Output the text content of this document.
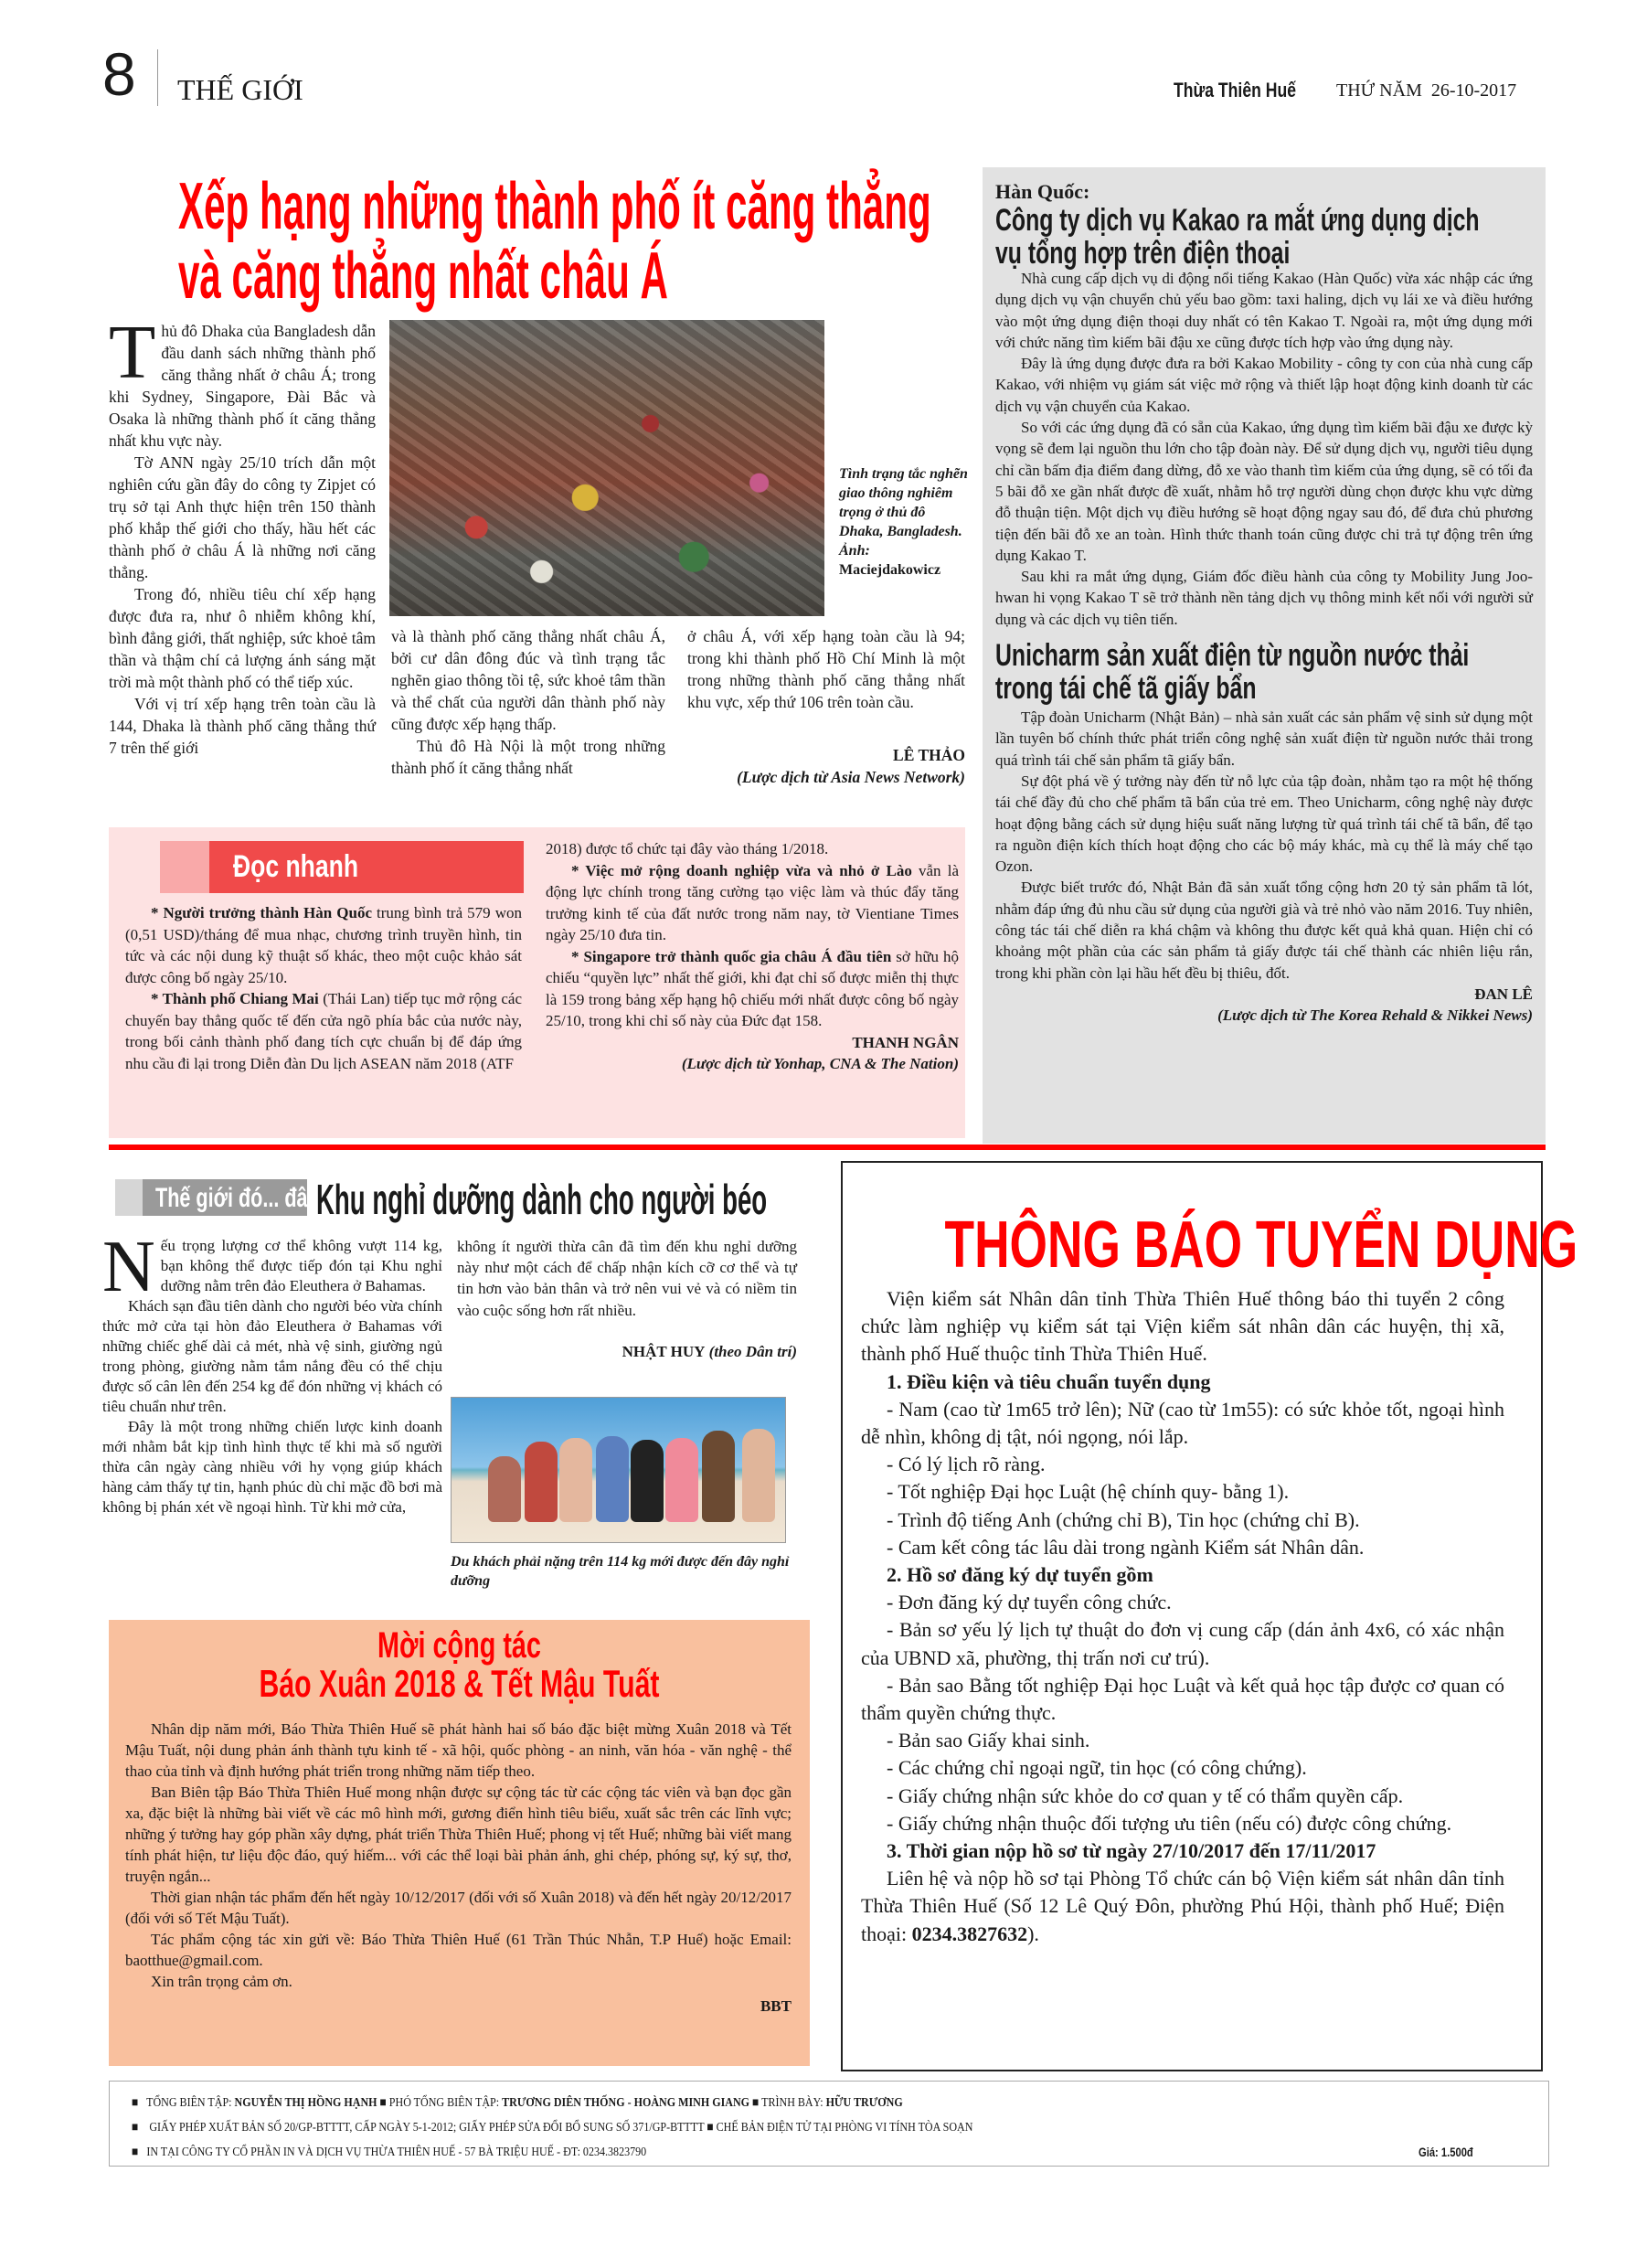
8 THẾ GIỚI	Thừa Thiên Huế THỨ NĂM  26-10-2017
Xếp hạng những thành phố ít căng thẳng
và căng thẳng nhất châu Á

Thủ đô Dhaka của Bangladesh dẫn đầu danh sách những thành phố căng thẳng nhất ở châu Á; trong khi Sydney, Singapore, Đài Bắc và Osaka là những thành phố ít căng thẳng nhất khu vực này.

Tờ ANN ngày 25/10 trích dẫn một nghiên cứu gần đây do công ty Zipjet có trụ sở tại Anh thực hiện trên 150 thành phố khắp thế giới cho thấy, hầu hết các thành phố ở châu Á là những nơi căng thẳng.

Trong đó, nhiều tiêu chí xếp hạng được đưa ra, như ô nhiễm không khí, bình đẳng giới, thất nghiệp, sức khoẻ tâm thần và thậm chí cả lượng ánh sáng mặt trời mà một thành phố có thể tiếp xúc.

Với vị trí xếp hạng trên toàn cầu là 144, Dhaka là thành phố căng thẳng thứ 7 trên thế giới

Tình trạng tắc nghẽn giao thông nghiêm trọng ở thủ đô Dhaka, Bangladesh. Ảnh: Maciejdakowicz

và là thành phố căng thẳng nhất châu Á, bởi cư dân đông đúc và tình trạng tắc nghẽn giao thông tồi tệ, sức khoẻ tâm thần và thể chất của người dân thành phố này cũng được xếp hạng thấp.

Thủ đô Hà Nội là một trong những thành phố ít căng thẳng nhất

ở châu Á, với xếp hạng toàn cầu là 94; trong khi thành phố Hồ Chí Minh là một trong những thành phố căng thẳng nhất khu vực, xếp thứ 106 trên toàn cầu.

LÊ THẢO

(Lược dịch từ Asia News Network)

Hàn Quốc:
Công ty dịch vụ Kakao ra mắt ứng dụng dịch
vụ tổng hợp trên điện thoại

Nhà cung cấp dịch vụ di động nổi tiếng Kakao (Hàn Quốc) vừa xác nhập các ứng dụng dịch vụ vận chuyển chủ yếu bao gồm: taxi haling, dịch vụ lái xe và điều hướng vào một ứng dụng điện thoại duy nhất có tên Kakao T. Ngoài ra, một ứng dụng mới với chức năng tìm kiếm bãi đậu xe cũng được tích hợp vào ứng dụng này.

Đây là ứng dụng được đưa ra bởi Kakao Mobility - công ty con của nhà cung cấp Kakao, với nhiệm vụ giám sát việc mở rộng và thiết lập hoạt động kinh doanh từ các dịch vụ vận chuyển của Kakao.

So với các ứng dụng đã có sẵn của Kakao, ứng dụng tìm kiếm bãi đậu xe được kỳ vọng sẽ đem lại nguồn thu lớn cho tập đoàn này. Để sử dụng dịch vụ, người tiêu dụng chỉ cần bấm địa điểm đang dừng, đỗ xe vào thanh tìm kiếm của ứng dụng, sẽ có tối đa 5 bãi đỗ xe gần nhất được đề xuất, nhằm hỗ trợ người dùng chọn được khu vực dừng đỗ thuận tiện. Một dịch vụ điều hướng sẽ hoạt động ngay sau đó, để đưa chủ phương tiện đến bãi đỗ xe an toàn. Hình thức thanh toán cũng được chi trả tự động trên ứng dụng Kakao T.

Sau khi ra mắt ứng dụng, Giám đốc điều hành của công ty Mobility Jung Joo-hwan hi vọng Kakao T sẽ trở thành nền tảng dịch vụ thông minh kết nối với người sử dụng và các dịch vụ tiên tiến.

Unicharm sản xuất điện từ nguồn nước thải
trong tái chế tã giấy bẩn

Tập đoàn Unicharm (Nhật Bản) – nhà sản xuất các sản phẩm vệ sinh sử dụng một lần tuyên bố chính thức phát triển công nghệ sản xuất điện từ nguồn nước thải trong quá trình tái chế sản phẩm tã giấy bẩn.

Sự đột phá về ý tưởng này đến từ nỗ lực của tập đoàn, nhằm tạo ra một hệ thống tái chế đầy đủ cho chế phẩm tã bẩn của trẻ em. Theo Unicharm, công nghệ này được hoạt động bằng cách sử dụng hiệu suất năng lượng từ quá trình tái chế tã bẩn, để tạo ra nguồn điện kích thích hoạt động cho các bộ máy khác, mà cụ thể là máy chế tạo Ozon.

Được biết trước đó, Nhật Bản đã sản xuất tổng cộng hơn 20 tỷ sản phẩm tã lót, nhằm đáp ứng đủ nhu cầu sử dụng của người già và trẻ nhỏ vào năm 2016. Tuy nhiên, công tác tái chế diễn ra khá chậm và không thu được kết quả khả quan. Hiện chỉ có khoảng một phần của các sản phẩm tả giấy được tái chế thành các nhiên liệu rắn, trong khi phần còn lại hầu hết đều bị thiêu, đốt.

ĐAN LÊ

(Lược dịch từ The Korea Rehald & Nikkei News)

Đọc nhanh

* Người trưởng thành Hàn Quốc trung bình trả 579 won (0,51 USD)/tháng để mua nhạc, chương trình truyền hình, tin tức và các nội dung kỹ thuật số khác, theo một cuộc khảo sát được công bố ngày 25/10.

* Thành phố Chiang Mai (Thái Lan) tiếp tục mở rộng các chuyến bay thẳng quốc tế đến cửa ngõ phía bắc của nước này, trong bối cảnh thành phố đang tích cực chuẩn bị để đáp ứng nhu cầu đi lại trong Diễn đàn Du lịch ASEAN năm 2018 (ATF

2018) được tổ chức tại đây vào tháng 1/2018.

* Việc mở rộng doanh nghiệp vừa và nhỏ ở Lào vẫn là động lực chính trong tăng cường tạo việc làm và thúc đẩy tăng trưởng kinh tế của đất nước trong năm nay, tờ Vientiane Times ngày 25/10 đưa tin.

* Singapore trở thành quốc gia châu Á đầu tiên sở hữu hộ chiếu “quyền lực” nhất thế giới, khi đạt chỉ số được miễn thị thực là 159 trong bảng xếp hạng hộ chiếu mới nhất được công bố ngày 25/10, trong khi chỉ số này của Đức đạt 158.

THANH NGÂN

(Lược dịch từ Yonhap, CNA & The Nation)

Thế giới đó... đây
Khu nghỉ dưỡng dành cho người béo

Nếu trọng lượng cơ thể không vượt 114 kg, bạn không thể được tiếp đón tại Khu nghỉ dưỡng nằm trên đảo Eleuthera ở Bahamas.

Khách sạn đầu tiên dành cho người béo vừa chính thức mở cửa tại hòn đảo Eleuthera ở Bahamas với những chiếc ghế dài cả mét, nhà vệ sinh, giường ngủ trong phòng, giường nằm tắm nắng đều có thể chịu được số cân lên đến 254 kg để đón những vị khách có tiêu chuẩn như trên.

Đây là một trong những chiến lược kinh doanh mới nhằm bắt kịp tình hình thực tế khi mà số người thừa cân ngày càng nhiều với hy vọng giúp khách hàng cảm thấy tự tin, hạnh phúc dù chỉ mặc đồ bơi mà không bị phán xét về ngoại hình. Từ khi mở cửa,

không ít người thừa cân đã tìm đến khu nghỉ dưỡng này như một cách để chấp nhận kích cỡ cơ thể và tự tin hơn vào bản thân và trở nên vui vẻ và có niềm tin vào cuộc sống hơn rất nhiều.

NHẬT HUY (theo Dân trí)

Du khách phải nặng trên 114 kg mới được đến đây nghỉ dưỡng
Mời cộng tác
Báo Xuân 2018 & Tết Mậu Tuất

Nhân dịp năm mới, Báo Thừa Thiên Huế sẽ phát hành hai số báo đặc biệt mừng Xuân 2018 và Tết Mậu Tuất, nội dung phản ánh thành tựu kinh tế - xã hội, quốc phòng - an ninh, văn hóa - văn nghệ - thể thao của tỉnh và định hướng phát triển trong những năm tiếp theo.

Ban Biên tập Báo Thừa Thiên Huế mong nhận được sự cộng tác từ các cộng tác viên và bạn đọc gần xa, đặc biệt là những bài viết về các mô hình mới, gương điển hình tiêu biểu, xuất sắc trên các lĩnh vực; những ý tưởng hay góp phần xây dựng, phát triển Thừa Thiên Huế; phong vị tết Huế; những bài viết mang tính phát hiện, tư liệu độc đáo, quý hiếm... với các thể loại bài phản ánh, ghi chép, phóng sự, ký sự, thơ, truyện ngắn...

Thời gian nhận tác phẩm đến hết ngày 10/12/2017 (đối với số Xuân 2018) và đến hết ngày 20/12/2017 (đối với số Tết Mậu Tuất).

Tác phẩm cộng tác xin gửi về: Báo Thừa Thiên Huế (61 Trần Thúc Nhẫn, T.P Huế) hoặc Email: baotthue@gmail.com.

Xin trân trọng cảm ơn.

BBT

THÔNG BÁO TUYỂN DỤNG

Viện kiểm sát Nhân dân tỉnh Thừa Thiên Huế thông báo thi tuyển 2 công chức làm nghiệp vụ kiểm sát tại Viện kiểm sát nhân dân các huyện, thị xã, thành phố Huế thuộc tỉnh Thừa Thiên Huế.

1. Điều kiện và tiêu chuẩn tuyển dụng

- Nam (cao từ 1m65 trở lên); Nữ (cao từ 1m55): có sức khỏe tốt, ngoại hình dễ nhìn, không dị tật, nói ngọng, nói lắp.

- Có lý lịch rõ ràng.

- Tốt nghiệp Đại học Luật (hệ chính quy- bằng 1).

- Trình độ tiếng Anh (chứng chỉ B), Tin học (chứng chỉ B).

- Cam kết công tác lâu dài trong ngành Kiểm sát Nhân dân.

2. Hồ sơ đăng ký dự tuyển gồm

- Đơn đăng ký dự tuyển công chức.

- Bản sơ yếu lý lịch tự thuật do đơn vị cung cấp (dán ảnh 4x6, có xác nhận của UBND xã, phường, thị trấn nơi cư trú).

- Bản sao Bằng tốt nghiệp Đại học Luật và kết quả học tập được cơ quan có thẩm quyền chứng thực.

- Bản sao Giấy khai sinh.

- Các chứng chỉ ngoại ngữ, tin học (có công chứng).

- Giấy chứng nhận sức khỏe do cơ quan y tế có thẩm quyền cấp.

- Giấy chứng nhận thuộc đối tượng ưu tiên (nếu có) được công chứng.

3. Thời gian nộp hồ sơ từ ngày 27/10/2017 đến 17/11/2017

Liên hệ và nộp hồ sơ tại Phòng Tổ chức cán bộ Viện kiểm sát nhân dân tỉnh Thừa Thiên Huế (Số 12 Lê Quý Đôn, phường Phú Hội, thành phố Huế; Điện thoại: 0234.3827632).

■   TỔNG BIÊN TẬP: NGUYỄN THỊ HỒNG HẠNH ■ PHÓ TỔNG BIÊN TẬP: TRƯƠNG DIÊN THỐNG - HOÀNG MINH GIANG ■ TRÌNH BÀY: HỮU TRƯƠNG
■    GIẤY PHÉP XUẤT BẢN SỐ 20/GP-BTTTT, CẤP NGÀY 5-1-2012; GIẤY PHÉP SỬA ĐỔI BỔ SUNG SỐ 371/GP-BTTTT ■ CHẾ BẢN ĐIỆN TỬ TẠI PHÒNG VI TÍNH TÒA SOẠN
■   IN TẠI CÔNG TY CỔ PHẦN IN VÀ DỊCH VỤ THỪA THIÊN HUẾ - 57 BÀ TRIỆU HUẾ - ĐT: 0234.3823790	Giá: 1.500đ
